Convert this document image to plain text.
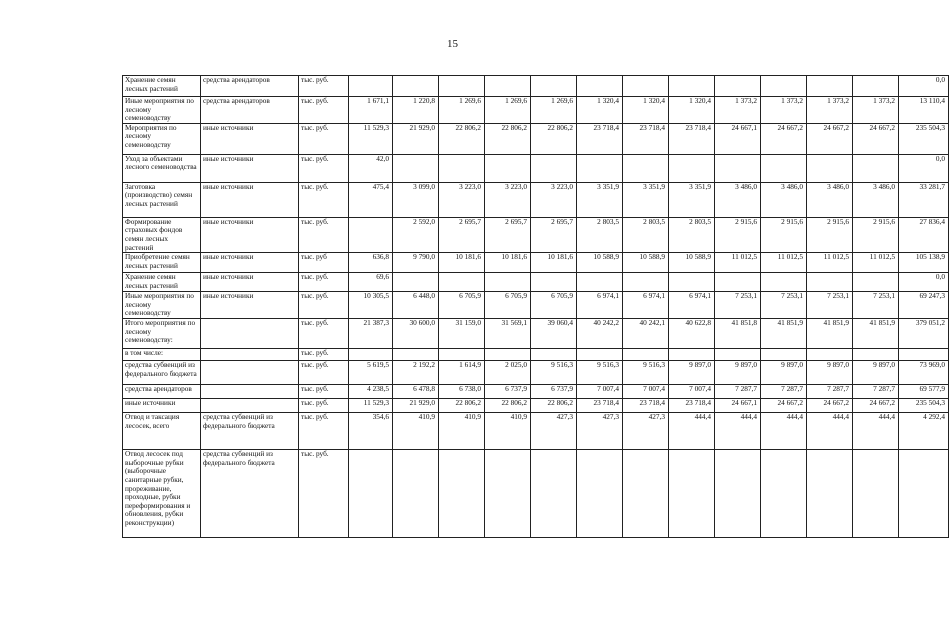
15
Хранение семян лесных растений	средства арендаторов	тыс. руб.													0,0
Иные мероприятия по лесному семеноводству	средства арендаторов	тыс. руб.	1 671,1	1 220,8	1 269,6	1 269,6	1 269,6	1 320,4	1 320,4	1 320,4	1 373,2	1 373,2	1 373,2	1 373,2	13 110,4
Мероприятия по лесному семеноводству	иные источники	тыс. руб.	11 529,3	21 929,0	22 806,2	22 806,2	22 806,2	23 718,4	23 718,4	23 718,4	24 667,1	24 667,2	24 667,2	24 667,2	235 504,3
Уход за объектами лесного семеноводства	иные источники	тыс. руб.	42,0												0,0
Заготовка (производство) семян лесных растений	иные источники	тыс. руб.	475,4	3 099,0	3 223,0	3 223,0	3 223,0	3 351,9	3 351,9	3 351,9	3 486,0	3 486,0	3 486,0	3 486,0	33 281,7
Формирование страховых фондов семян лесных растений	иные источники	тыс. руб.		2 592,0	2 695,7	2 695,7	2 695,7	2 803,5	2 803,5	2 803,5	2 915,6	2 915,6	2 915,6	2 915,6	27 836,4
Приобретение семян лесных растений	иные источники	тыс. руб	636,8	9 790,0	10 181,6	10 181,6	10 181,6	10 588,9	10 588,9	10 588,9	11 012,5	11 012,5	11 012,5	11 012,5	105 138,9
Хранение семян лесных растений	иные источники	тыс. руб.	69,6												0,0
Иные мероприятия по лесному семеноводству	иные источники	тыс. руб.	10 305,5	6 448,0	6 705,9	6 705,9	6 705,9	6 974,1	6 974,1	6 974,1	7 253,1	7 253,1	7 253,1	7 253,1	69 247,3
Итого мероприятия по лесному семеноводству:		тыс. руб.	21 387,3	30 600,0	31 159,0	31 569,1	39 060,4	40 242,2	40 242,1	40 622,8	41 851,8	41 851,9	41 851,9	41 851,9	379 051,2
в том числе:		тыс. руб.													
средства субвенций из федерального бюджета		тыс. руб.	5 619,5	2 192,2	1 614,9	2 025,0	9 516,3	9 516,3	9 516,3	9 897,0	9 897,0	9 897,0	9 897,0	9 897,0	73 969,0
средства арендаторов		тыс. руб.	4 238,5	6 478,8	6 738,0	6 737,9	6 737,9	7 007,4	7 007,4	7 007,4	7 287,7	7 287,7	7 287,7	7 287,7	69 577,9
иные источники		тыс. руб.	11 529,3	21 929,0	22 806,2	22 806,2	22 806,2	23 718,4	23 718,4	23 718,4	24 667,1	24 667,2	24 667,2	24 667,2	235 504,3
Отвод и таксация лесосек, всего	средства субвенций из федерального бюджета	тыс. руб.	354,6	410,9	410,9	410,9	427,3	427,3	427,3	444,4	444,4	444,4	444,4	444,4	4 292,4
Отвод лесосек под выборочные рубки (выборочные санитарные рубки, прореживание, проходные, рубки переформирования и обновления, рубки реконструкции)	средства субвенций из федерального бюджета	тыс. руб.													
